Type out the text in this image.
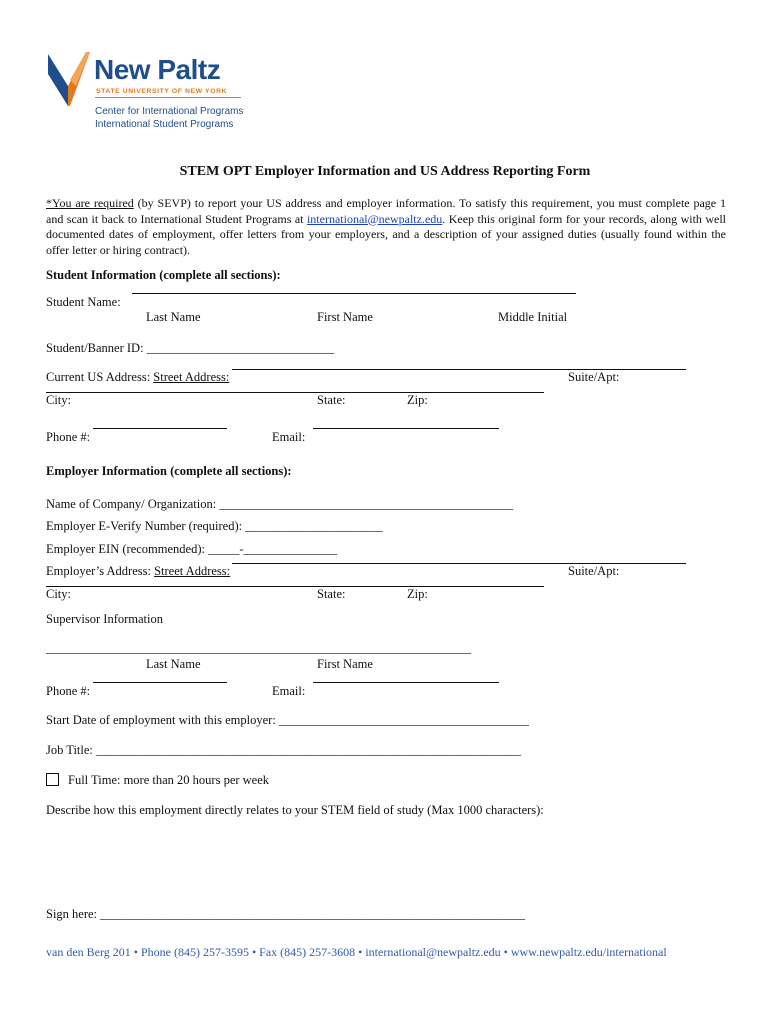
New Paltz
STATE UNIVERSITY OF NEW YORK
Center for International Programs
International Student Programs
STEM OPT Employer Information and US Address Reporting Form
*You are required (by SEVP) to report your US address and employer information. To satisfy this requirement, you must complete page 1 and scan it back to International Student Programs at international@newpaltz.edu. Keep this original form for your records, along with well documented dates of employment, offer letters from your employers, and a description of your assigned duties (usually found within the offer letter or hiring contract).
Student Information (complete all sections):
Student Name:
Last Name	First Name	Middle Initial
Student/Banner ID: ______________________________
Current US Address: Street Address:	Suite/Apt:
City:	State:	Zip:
Phone #:	Email:
Employer Information (complete all sections):
Name of Company/ Organization: _______________________________________________
Employer E-Verify Number (required): ______________________
Employer EIN (recommended): _____-_______________
Employer’s Address: Street Address:	Suite/Apt:
City:	State:	Zip:
Supervisor Information
____________________________________________________________________
Last Name	First Name
Phone #:	Email:
Start Date of employment with this employer: ________________________________________
Job Title: ____________________________________________________________________
Full Time: more than 20 hours per week
Describe how this employment directly relates to your STEM field of study (Max 1000 characters):
Sign here: ____________________________________________________________________
van den Berg 201 • Phone (845) 257-3595 • Fax (845) 257-3608 • international@newpaltz.edu • www.newpaltz.edu/international
